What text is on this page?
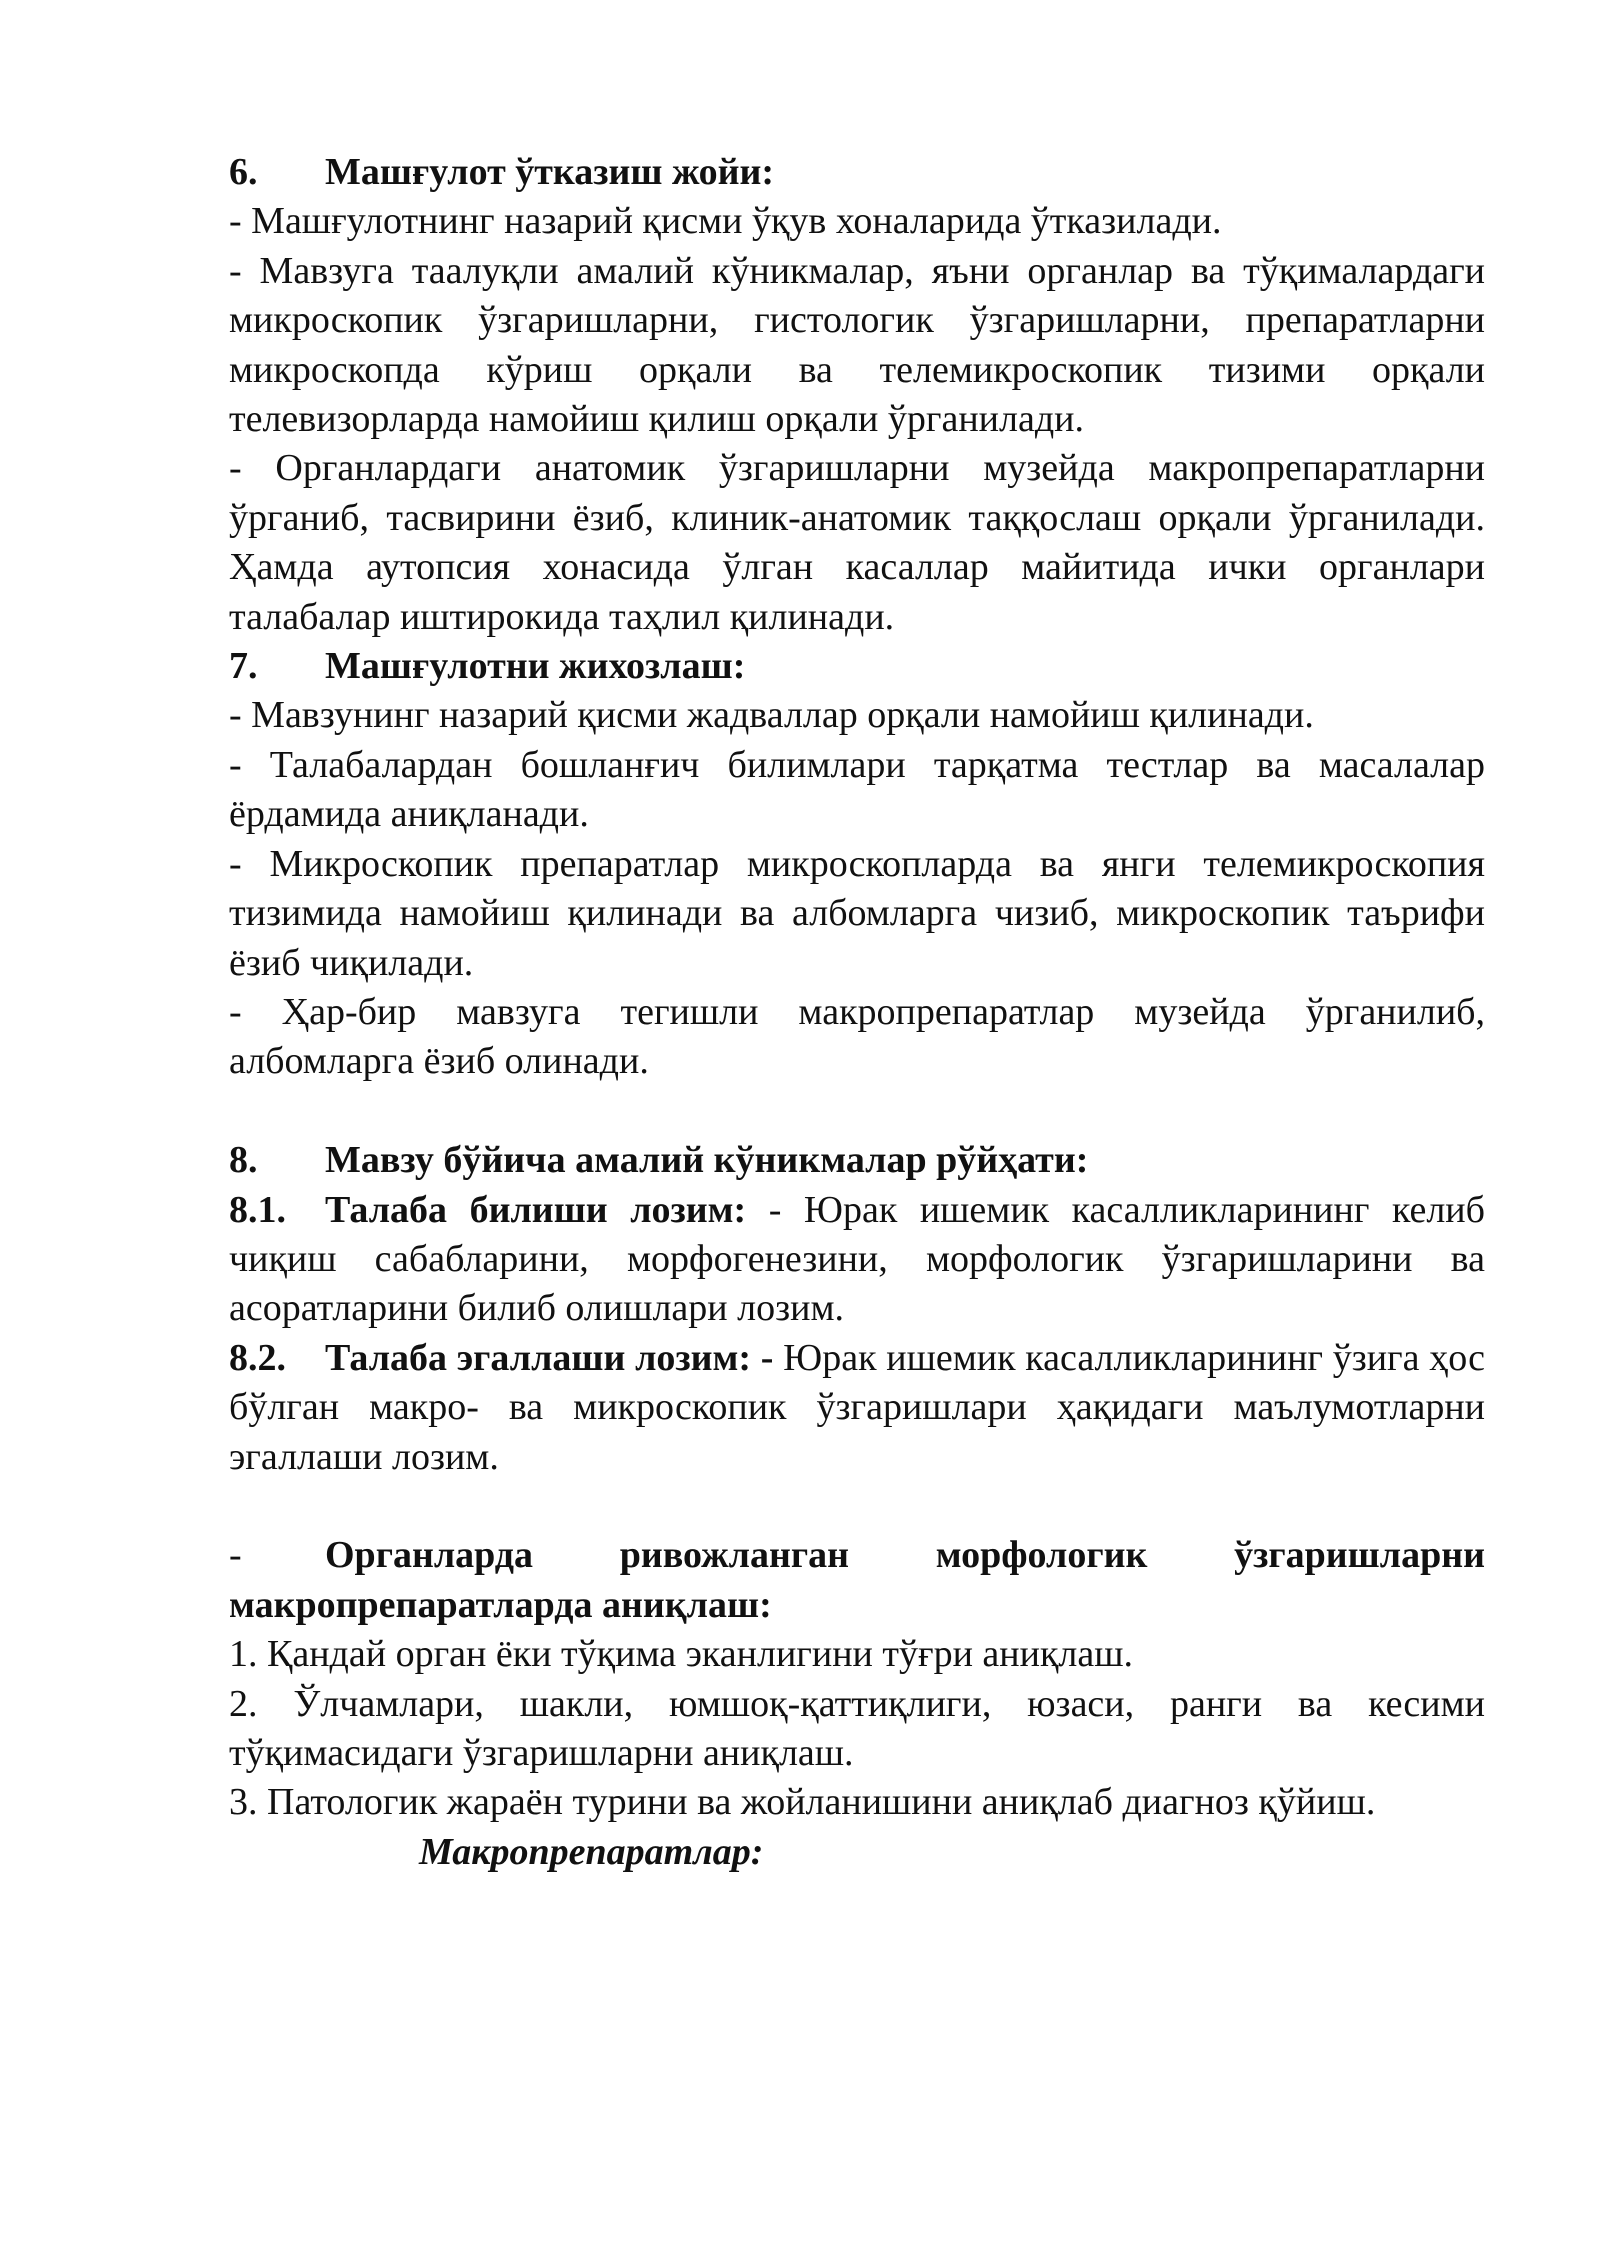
6. Машғулот ўтказиш жойи:

- Машғулотнинг назарий қисми ўқув хоналарида ўтказилади.

- Мавзуга таалуқли амалий кўникмалар, яъни органлар ва тўқималардаги микроскопик ўзгаришларни, гистологик ўзгаришларни, препаратларни микроскопда кўриш орқали ва телемикроскопик тизими орқали телевизорларда намойиш қилиш орқали ўрганилади.

- Органлардаги анатомик ўзгаришларни музейда макропрепаратларни ўрганиб, тасвирини ёзиб, клиник-анатомик таққослаш орқали ўрганилади. Ҳамда аутопсия хонасида ўлган касаллар майитида ички органлари талабалар иштирокида таҳлил қилинади.

7. Машғулотни жихозлаш:

- Мавзунинг назарий қисми жадваллар орқали намойиш қилинади.

- Талабалардан бошланғич билимлари тарқатма тестлар ва масалалар ёрдамида аниқланади.

- Микроскопик препаратлар микроскопларда ва янги телемикроскопия тизимида намойиш қилинади ва албомларга чизиб, микроскопик таърифи ёзиб чиқилади.

- Ҳар-бир мавзуга тегишли макропрепаратлар музейда ўрганилиб, албомларга ёзиб олинади.

8. Мавзу бўйича амалий кўникмалар рўйҳати:

8.1. Талаба билиши лозим: - Юрак ишемик касалликларининг келиб чиқиш сабабларини, морфогенезини, морфологик ўзгаришларини ва асоратларини билиб олишлари лозим.

8.2. Талаба эгаллаши лозим: - Юрак ишемик касалликларининг ўзига ҳос бўлган макро- ва микроскопик ўзгаришлари ҳақидаги маълумотларни эгаллаши лозим.

- Органларда ривожланган морфологик ўзгаришларни макропрепаратларда аниқлаш:

1. Қандай орган ёки тўқима эканлигини тўғри аниқлаш.

2. Ўлчамлари, шакли, юмшоқ-қаттиқлиги, юзаси, ранги ва кесими тўқимасидаги ўзгаришларни аниқлаш.

3. Патологик жараён турини ва жойланишини аниқлаб диагноз қўйиш.

Макропрепаратлар:
